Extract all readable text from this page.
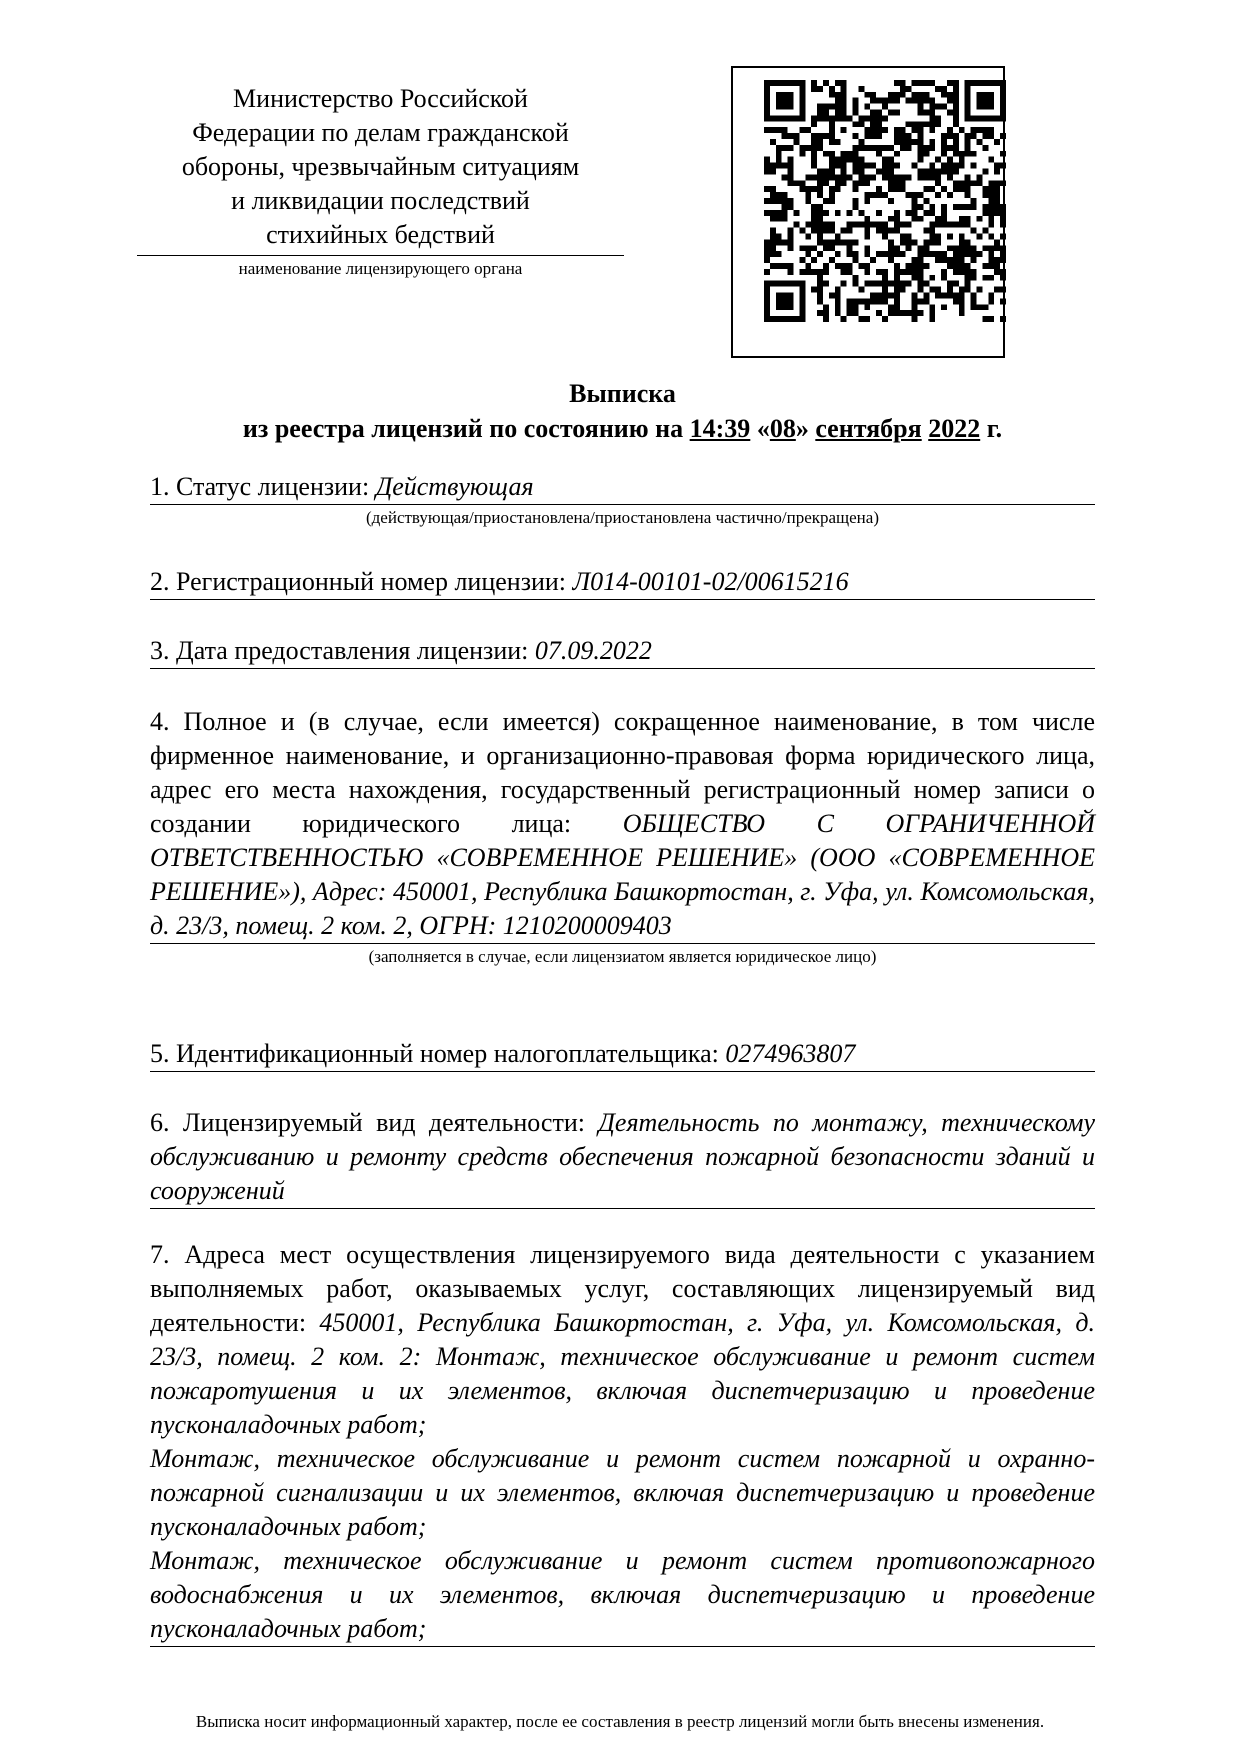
Министерство Российской
Федерации по делам гражданской
обороны, чрезвычайным ситуациям
и ликвидации последствий
стихийных бедствий
наименование лицензирующего органа
Выписка
из реестра лицензий по состоянию на 14:39 «08» сентября 2022 г.
1. Статус лицензии: Действующая
(действующая/приостановлена/приостановлена частично/прекращена)
2. Регистрационный номер лицензии: Л014-00101-02/00615216
3. Дата предоставления лицензии: 07.09.2022
4. Полное и (в случае, если имеется) сокращенное наименование, в том числе фирменное наименование, и организационно-правовая форма юридического лица, адрес его места нахождения, государственный регистрационный номер записи о создании юридического лица: ОБЩЕСТВО С ОГРАНИЧЕННОЙ ОТВЕТСТВЕННОСТЬЮ «СОВРЕМЕННОЕ РЕШЕНИЕ» (ООО «СОВРЕМЕННОЕ РЕШЕНИЕ»), Адрес: 450001, Республика Башкортостан, г. Уфа, ул. Комсомольская, д. 23/3, помещ. 2 ком. 2, ОГРН: 1210200009403
(заполняется в случае, если лицензиатом является юридическое лицо)
5. Идентификационный номер налогоплательщика: 0274963807
6. Лицензируемый вид деятельности: Деятельность по монтажу, техническому обслуживанию и ремонту средств обеспечения пожарной безопасности зданий и сооружений
7. Адреса мест осуществления лицензируемого вида деятельности с указанием выполняемых работ, оказываемых услуг, составляющих лицензируемый вид деятельности: 450001, Республика Башкортостан, г. Уфа, ул. Комсомольская, д. 23/3, помещ. 2 ком. 2: Монтаж, техническое обслуживание и ремонт систем пожаротушения и их элементов, включая диспетчеризацию и проведение пусконаладочных работ;
Монтаж, техническое обслуживание и ремонт систем пожарной и охранно-пожарной сигнализации и их элементов, включая диспетчеризацию и проведение пусконаладочных работ;
Монтаж, техническое обслуживание и ремонт систем противопожарного водоснабжения и их элементов, включая диспетчеризацию и проведение пусконаладочных работ;
Выписка носит информационный характер, после ее составления в реестр лицензий могли быть внесены изменения.
